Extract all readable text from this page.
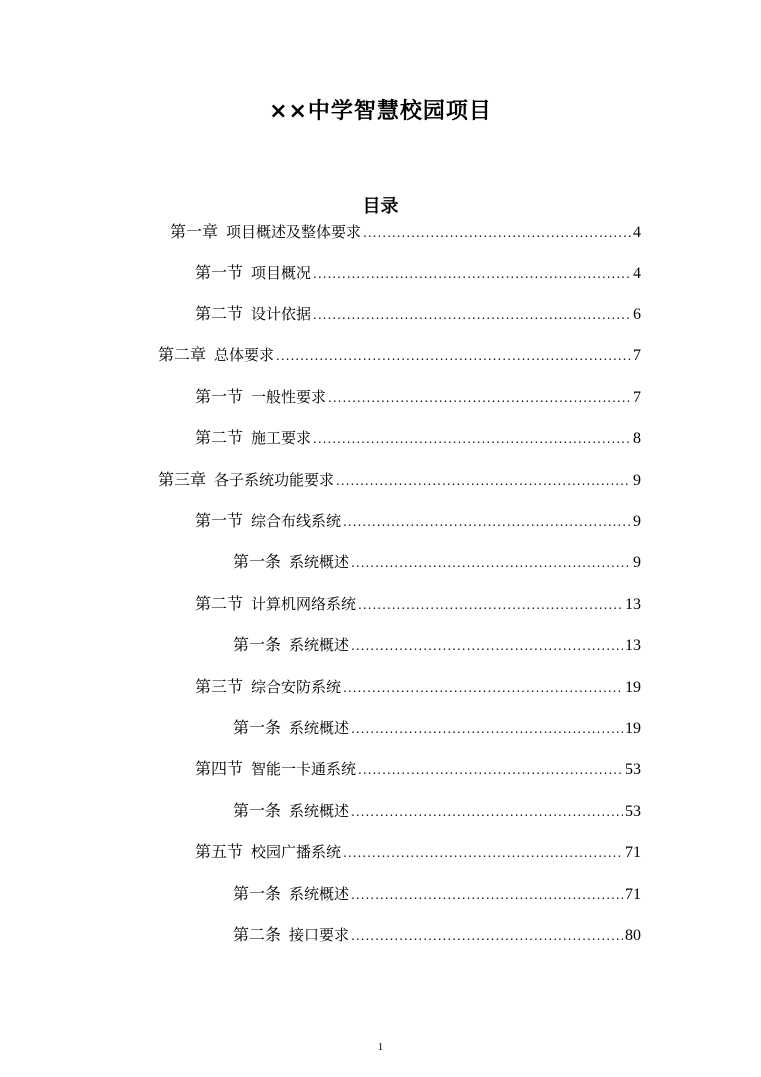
××中学智慧校园项目
目录
第一章 项目概述及整体要求 .....	4
第一节 项目概况 .....	4
第二节 设计依据 .....	6
第二章 总体要求 .....	7
第一节 一般性要求 .....	7
第二节 施工要求 .....	8
第三章 各子系统功能要求 .....	9
第一节 综合布线系统 .....	9
第一条 系统概述 .....	9
第二节 计算机网络系统 .....	13
第一条 系统概述 .....	13
第三节 综合安防系统 .....	19
第一条 系统概述 .....	19
第四节 智能一卡通系统 .....	53
第一条 系统概述 .....	53
第五节 校园广播系统 .....	71
第一条 系统概述 .....	71
第二条 接口要求 .....	80
1
